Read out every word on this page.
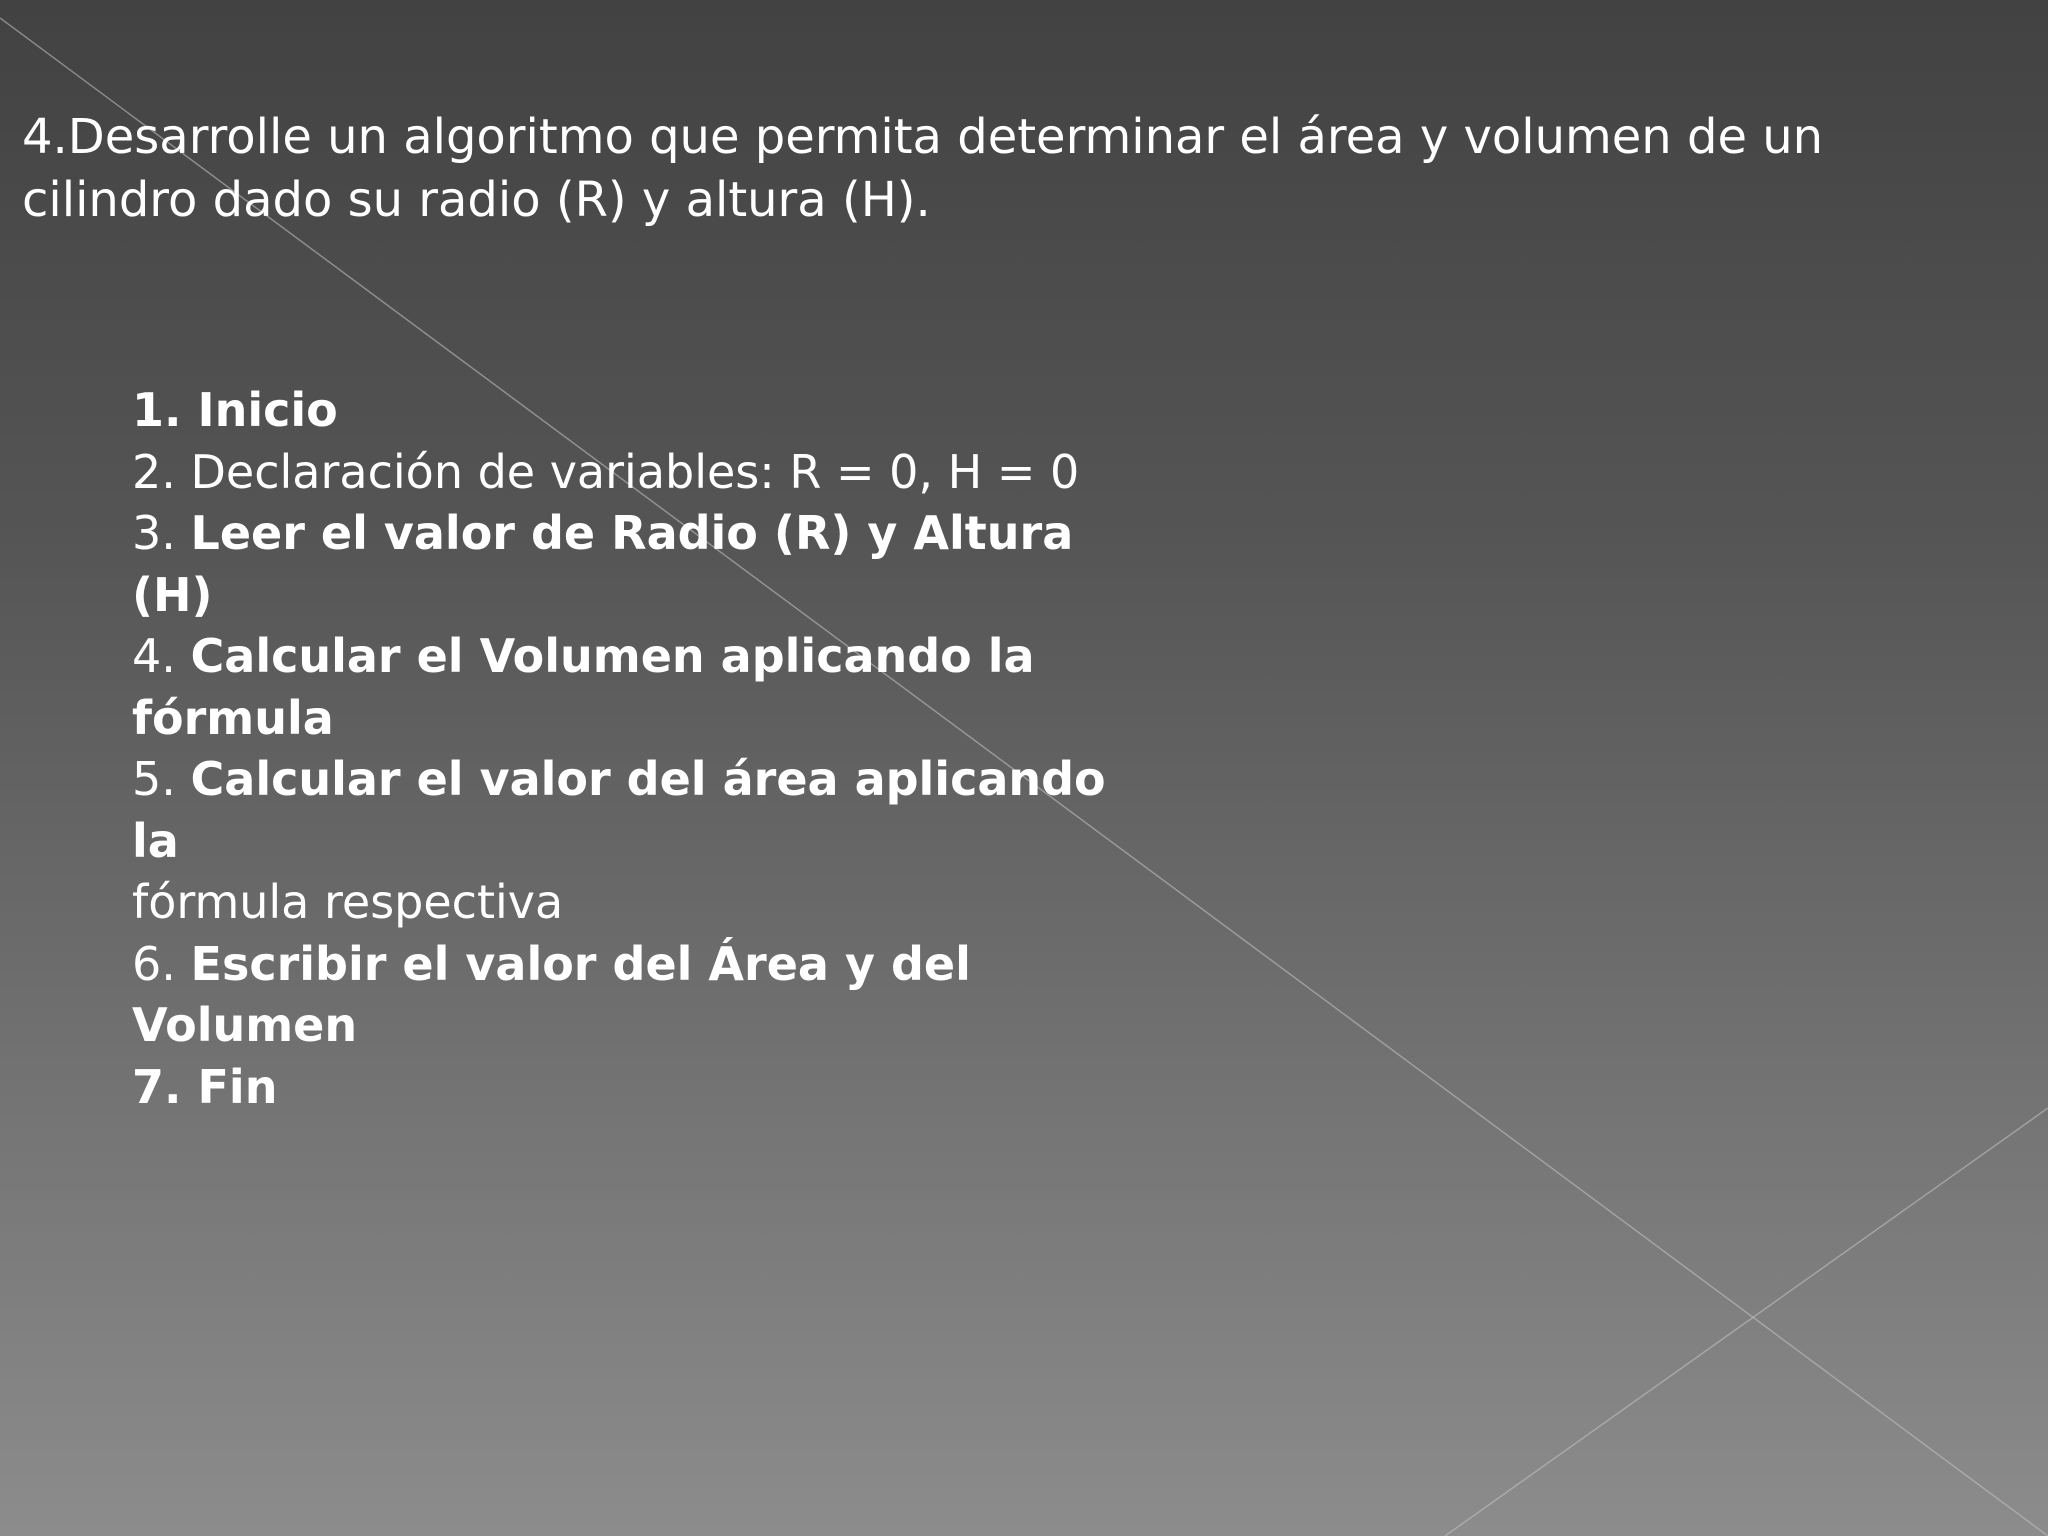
4.Desarrolle un algoritmo que permita determinar el área y volumen de un cilindro dado su radio (R) y altura (H).
1. Inicio
2. Declaración de variables: R = 0, H = 0
3. Leer el valor de Radio (R) y Altura (H)
4. Calcular el Volumen aplicando la fórmula
5. Calcular el valor del área aplicando la
fórmula respectiva
6. Escribir el valor del Área y del Volumen
7. Fin
